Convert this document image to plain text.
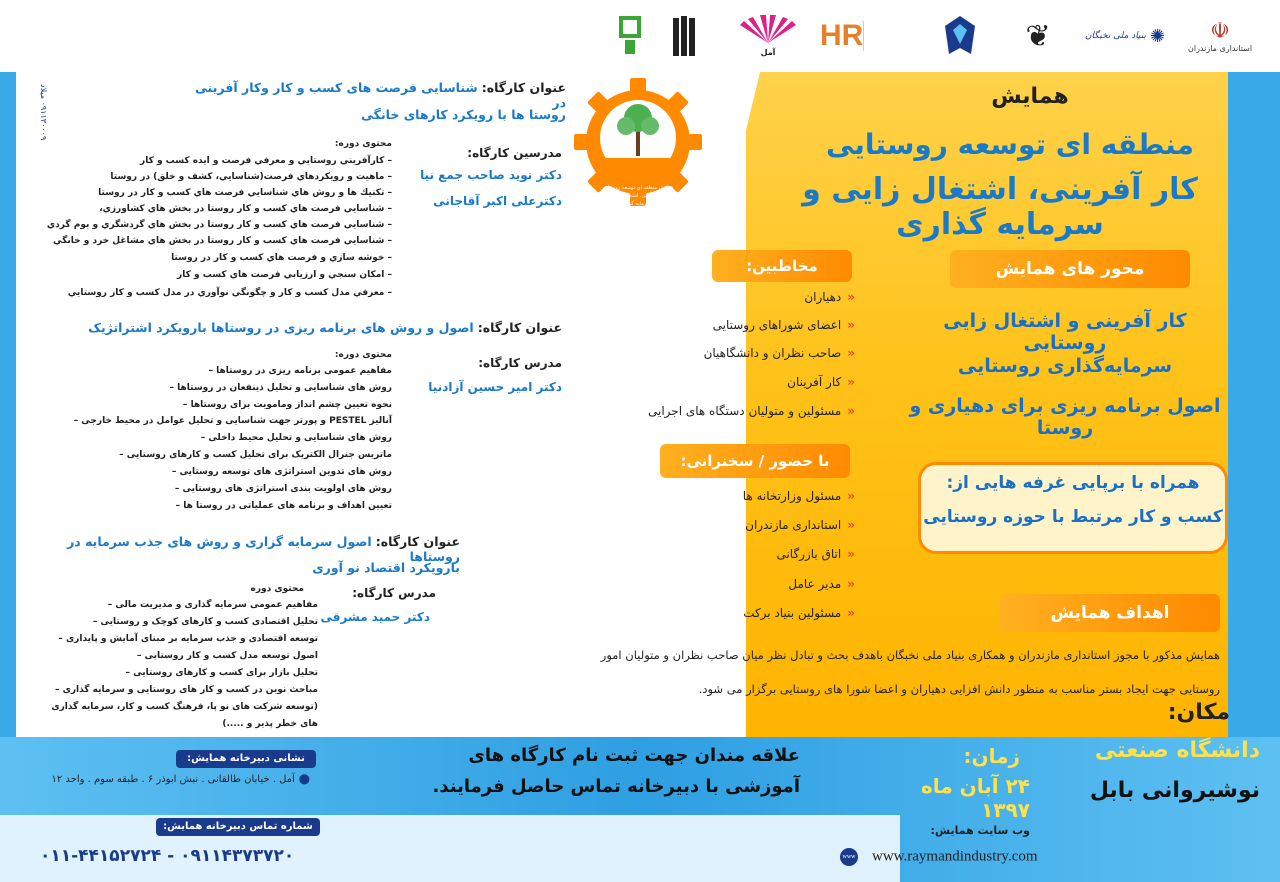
☫
استانداری مازندران
✺
بنیاد ملی نخبگان
❦
HR
آمل
۰۹۱۱۳۰۰۰۹ میلاد
همایش منطقه ای توسعه روستایی
کار آفرینی، اشتغال زایی
و سرمایه گذاری
همایش
منطقه ای توسعه روستایی
کار آفرینی، اشتغال زایی و سرمایه گذاری
محور های همایش
کار آفرینی و اشتغال زایی روستایی
سرمایه‌گذاری روستایی
اصول برنامه ریزی برای دهیاری و روستا
مخاطبین:
«دهیاران
«اعضای شوراهای روستایی
«صاحب نظران و دانشگاهیان
«کار آفرینان
«مسئولین و متولیان دستگاه های اجرایی
با حضور / سخنرانی:
«مسئول وزارتخانه ها
«استانداری مازندران
«اتاق بازرگانی
«مدیر عامل
«مسئولین بنیاد برکت
همراه با برپایی غرفه هایی از:
کسب و کار مرتبط با حوزه روستایی
اهداف همایش
همایش مذکور با مجوز استانداری مازندران و همکاری بنیاد ملی نخبگان باهدف بحث و تبادل نظر میان صاحب نظران و متولیان امور
روستایی جهت ایجاد بستر مناسب به منظور دانش افزایی دهیاران و اعضا شورا های روستایی برگزار می شود.
مکان:
دانشگاه صنعتی
نوشیروانی بابل
زمان:
۲۴ آبان ماه ۱۳۹۷
علاقه مندان جهت ثبت نام کارگاه های
آموزشی با دبیرخانه تماس حاصل فرمایند.
نشانی دبیرخانه همایش:
⬤آمل . خیابان طالقانی . نبش ابوذر ۶ . طبقه سوم . واحد ۱۲
شماره تماس دبیرخانه همایش:
۰۱۱-۴۴۱۵۲۷۲۴ - ۰۹۱۱۴۳۷۳۷۲۰
وب سایت همایش:
www www.raymandindustry.com
عنوان کارگاه: شناسایی فرصت های کسب و کار وکار آفرینی در
روستا ها با رویکرد کارهای خانگی
مدرسین کارگاه:
دکتر نوید صاحب جمع نیا
دکترعلی اکبر آقاجانی
محتوی دوره:
– کارآفريني روستايي و معرفي فرصت و ايده كسب و كار
– ماهيت و رويكردهاي فرصت(شناسايي، كشف و خلق) در روستا
– تكنيك ها و روش هاي شناسايي فرصت هاي كسب و كار در روستا
– شناسايي فرصت هاي كسب و كار روستا در بخش هاي كشاورزي،
– شناسايي فرصت هاي كسب و كار روستا در بخش هاي گردشگري و بوم گردي
– شناسايي فرصت هاي كسب و كار روستا در بخش هاي مشاغل خرد و خانگي
– خوشه سازي و فرصت هاي كسب و كار در روستا
– امكان سنجي و ارزيابي فرصت هاي كسب و كار
– معرفي مدل كسب و كار و چگونگي نوآوري در مدل كسب و كار روستايي
عنوان کارگاه: اصول و روش های برنامه ریزی در روستاها بارویکرد اشتراتژیک
مدرس کارگاه:
دکتر امیر حسین آزادنیا
محتوی دوره:
مفاهیم عمومی برنامه ریزی در روستاها –
روش های شناسایی و تحلیل ذینفعان در روستاها –
نحوه تعیین چشم انداز ومامویت برای روستاها –
آنالیز PESTEL و پورتر جهت شناسایی و تحلیل عوامل در محیط خارجی –
روش های شناسایی و تحلیل محیط داخلی –
ماتریس جنرال الکتریک برای تحلیل کسب و کارهای روستایی –
روش های تدوین استراتژی های توسعه روستایی –
روش های اولویت بندی استراتژی های روستایی –
تعیین اهداف و برنامه های عملیاتی در روستا ها –
عنوان کارگاه: اصول سرمایه گزاری و روش های جذب سرمایه در روستاها
بارویکرد اقتصاد نو آوری
مدرس کارگاه:
دکتر حمید مشرقی
محتوی دوره
مفاهیم عمومی سرمایه گذاری و مدیریت مالی –
تحلیل اقتصادی کسب و کارهای کوچک و روستایی –
توسعه اقتصادی و جذب سرمایه بر مبنای آمایش و پایداری –
اصول توسعه مدل کسب و کار روستایی –
تحلیل بازار برای کسب و کارهای روستایی –
مباحث نوین در کسب و کار های روستایی و سرمایه گذاری –
(توسعه شرکت های نو پا، فرهنگ کسب و کار، سرمایه گذاری
های خطر پذیر و .....)
